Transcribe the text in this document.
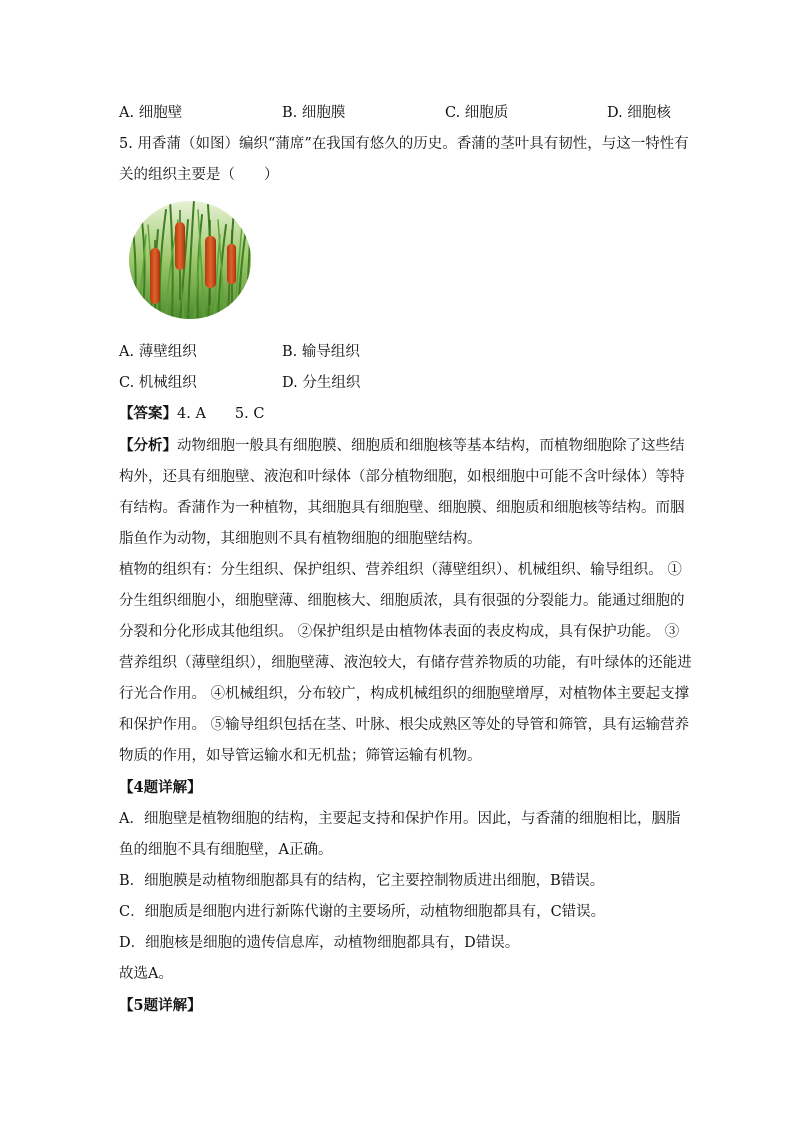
A. 细胞壁	B. 细胞膜	C. 细胞质	D. 细胞核
5. 用香蒲（如图）编织“蒲席”在我国有悠久的历史。香蒲的茎叶具有韧性，与这一特性有
关的组织主要是（　　）
A. 薄壁组织	B. 输导组织
C. 机械组织	D. 分生组织
【答案】4. A　　5. C
【分析】动物细胞一般具有细胞膜、细胞质和细胞核等基本结构，而植物细胞除了这些结
构外，还具有细胞壁、液泡和叶绿体（部分植物细胞，如根细胞中可能不含叶绿体）等特
有结构。香蒲作为一种植物，其细胞具有细胞壁、细胞膜、细胞质和细胞核等结构。而胭
脂鱼作为动物，其细胞则不具有植物细胞的细胞壁结构。
植物的组织有：分生组织、保护组织、营养组织（薄壁组织）、机械组织、输导组织。 ①
分生组织细胞小，细胞壁薄、细胞核大、细胞质浓，具有很强的分裂能力。能通过细胞的
分裂和分化形成其他组织。 ②保护组织是由植物体表面的表皮构成，具有保护功能。 ③
营养组织（薄壁组织），细胞壁薄、液泡较大，有储存营养物质的功能，有叶绿体的还能进
行光合作用。 ④机械组织，分布较广，构成机械组织的细胞壁增厚，对植物体主要起支撑
和保护作用。 ⑤输导组织包括在茎、叶脉、根尖成熟区等处的导管和筛管，具有运输营养
物质的作用，如导管运输水和无机盐；筛管运输有机物。
【4题详解】
A．细胞壁是植物细胞的结构，主要起支持和保护作用。因此，与香蒲的细胞相比，胭脂
鱼的细胞不具有细胞壁，A正确。
B．细胞膜是动植物细胞都具有的结构，它主要控制物质进出细胞，B错误。
C．细胞质是细胞内进行新陈代谢的主要场所，动植物细胞都具有，C错误。
D．细胞核是细胞的遗传信息库，动植物细胞都具有，D错误。
故选A。
【5题详解】
